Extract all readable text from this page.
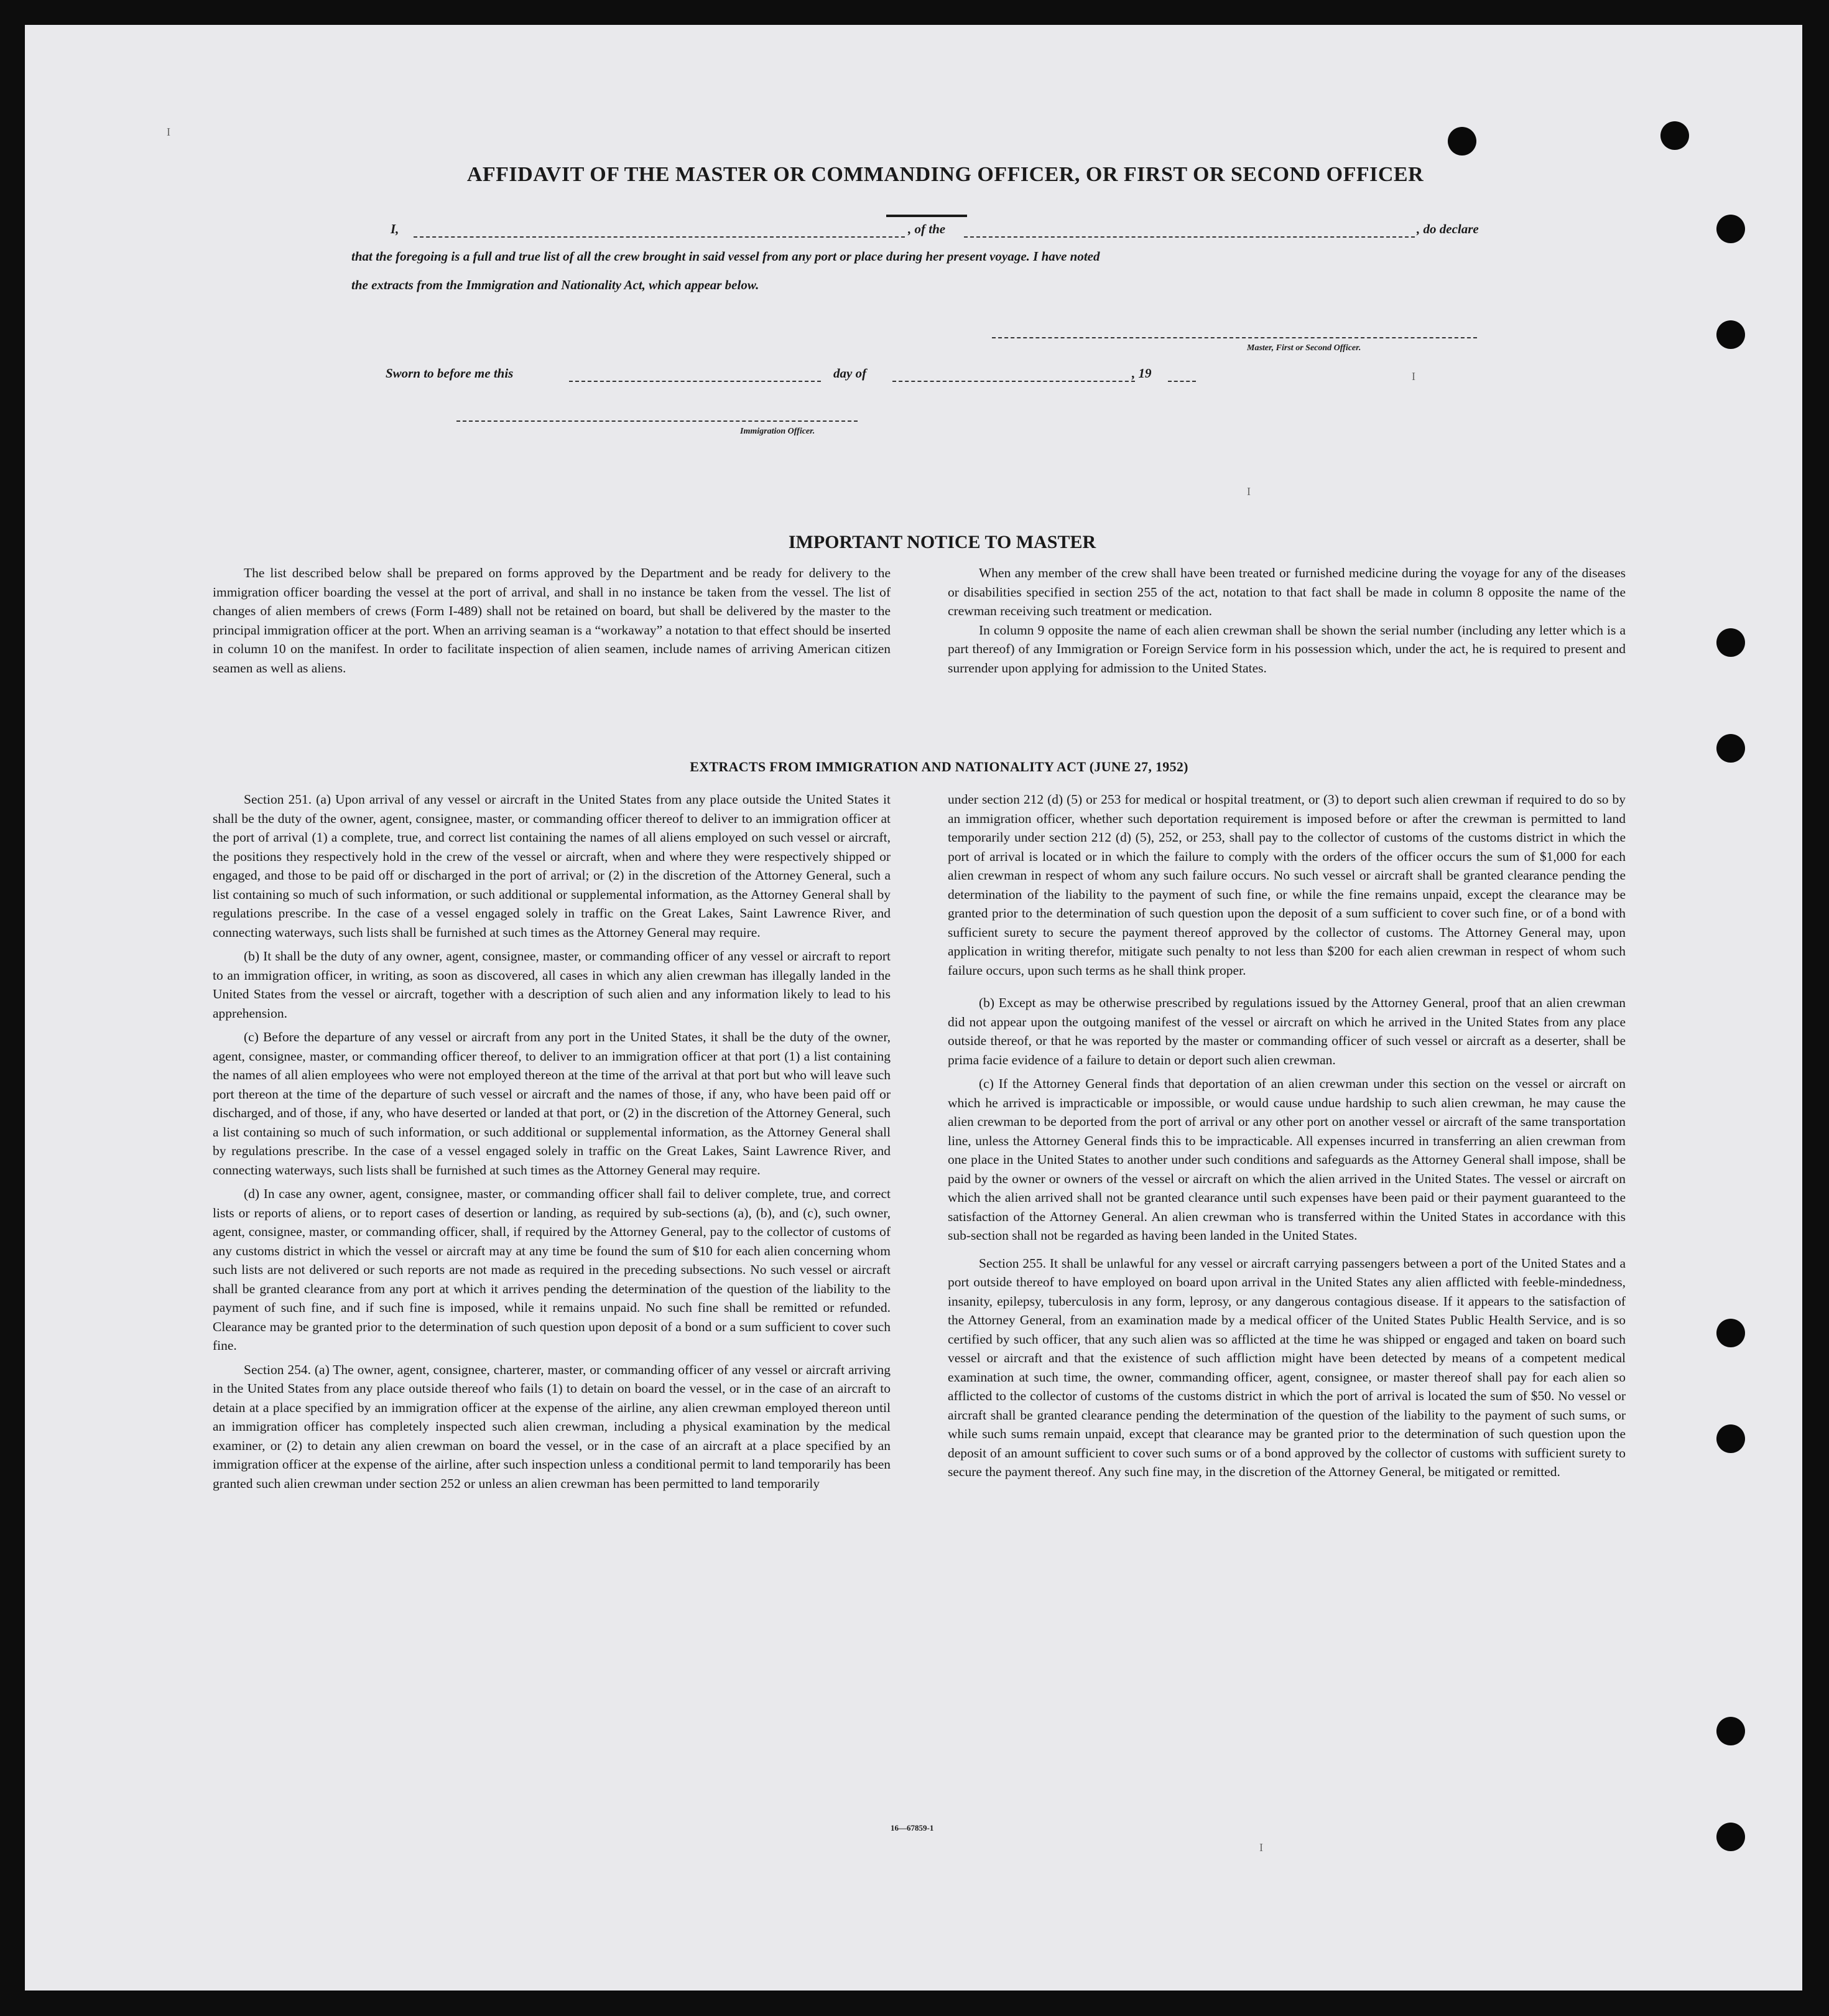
AFFIDAVIT OF THE MASTER OR COMMANDING OFFICER, OR FIRST OR SECOND OFFICER
I,	, of the	, do declare
that the foregoing is a full and true list of all the crew brought in said vessel from any port or place during her present voyage. I have noted
the extracts from the Immigration and Nationality Act, which appear below.
Master, First or Second Officer.
Sworn to before me this	day of	, 19
Immigration Officer.
IMPORTANT NOTICE TO MASTER

The list described below shall be prepared on forms approved by the Department and be ready for delivery to the immigration officer boarding the vessel at the port of arrival, and shall in no instance be taken from the vessel. The list of changes of alien members of crews (Form I-489) shall not be retained on board, but shall be delivered by the master to the principal immigration officer at the port. When an arriving seaman is a “workaway” a notation to that effect should be inserted in column 10 on the manifest. In order to facilitate inspection of alien seamen, include names of arriving American citizen seamen as well as aliens.

When any member of the crew shall have been treated or furnished medicine during the voyage for any of the diseases or disabilities specified in section 255 of the act, notation to that fact shall be made in column 8 opposite the name of the crewman receiving such treatment or medication.

In column 9 opposite the name of each alien crewman shall be shown the serial number (including any letter which is a part thereof) of any Immigration or Foreign Service form in his possession which, under the act, he is required to present and surrender upon applying for admission to the United States.

EXTRACTS FROM IMMIGRATION AND NATIONALITY ACT (JUNE 27, 1952)

Section 251. (a) Upon arrival of any vessel or aircraft in the United States from any place outside the United States it shall be the duty of the owner, agent, consignee, master, or commanding officer thereof to deliver to an immigration officer at the port of arrival (1) a complete, true, and correct list containing the names of all aliens employed on such vessel or aircraft, the positions they respectively hold in the crew of the vessel or aircraft, when and where they were respectively shipped or engaged, and those to be paid off or discharged in the port of arrival; or (2) in the discretion of the Attorney General, such a list containing so much of such information, or such additional or supplemental information, as the Attorney General shall by regulations prescribe. In the case of a vessel engaged solely in traffic on the Great Lakes, Saint Lawrence River, and connecting waterways, such lists shall be furnished at such times as the Attorney General may require.

(b) It shall be the duty of any owner, agent, consignee, master, or commanding officer of any vessel or aircraft to report to an immigration officer, in writing, as soon as discovered, all cases in which any alien crewman has illegally landed in the United States from the vessel or aircraft, together with a description of such alien and any information likely to lead to his apprehension.

(c) Before the departure of any vessel or aircraft from any port in the United States, it shall be the duty of the owner, agent, consignee, master, or commanding officer thereof, to deliver to an immigration officer at that port (1) a list containing the names of all alien employees who were not employed thereon at the time of the arrival at that port but who will leave such port thereon at the time of the departure of such vessel or aircraft and the names of those, if any, who have been paid off or discharged, and of those, if any, who have deserted or landed at that port, or (2) in the discretion of the Attorney General, such a list containing so much of such information, or such additional or supplemental information, as the Attorney General shall by regulations prescribe. In the case of a vessel engaged solely in traffic on the Great Lakes, Saint Lawrence River, and connecting waterways, such lists shall be furnished at such times as the Attorney General may require.

(d) In case any owner, agent, consignee, master, or commanding officer shall fail to deliver complete, true, and correct lists or reports of aliens, or to report cases of desertion or landing, as required by sub-sections (a), (b), and (c), such owner, agent, consignee, master, or commanding officer, shall, if required by the Attorney General, pay to the collector of customs of any customs district in which the vessel or aircraft may at any time be found the sum of $10 for each alien concerning whom such lists are not delivered or such reports are not made as required in the preceding subsections. No such vessel or aircraft shall be granted clearance from any port at which it arrives pending the determination of the question of the liability to the payment of such fine, and if such fine is imposed, while it remains unpaid. No such fine shall be remitted or refunded. Clearance may be granted prior to the determination of such question upon deposit of a bond or a sum sufficient to cover such fine.

Section 254. (a) The owner, agent, consignee, charterer, master, or commanding officer of any vessel or aircraft arriving in the United States from any place outside thereof who fails (1) to detain on board the vessel, or in the case of an aircraft to detain at a place specified by an immigration officer at the expense of the airline, any alien crewman employed thereon until an immigration officer has completely inspected such alien crewman, including a physical examination by the medical examiner, or (2) to detain any alien crewman on board the vessel, or in the case of an aircraft at a place specified by an immigration officer at the expense of the airline, after such inspection unless a conditional permit to land temporarily has been granted such alien crewman under section 252 or unless an alien crewman has been permitted to land temporarily

under section 212 (d) (5) or 253 for medical or hospital treatment, or (3) to deport such alien crewman if required to do so by an immigration officer, whether such deportation requirement is imposed before or after the crewman is permitted to land temporarily under section 212 (d) (5), 252, or 253, shall pay to the collector of customs of the customs district in which the port of arrival is located or in which the failure to comply with the orders of the officer occurs the sum of $1,000 for each alien crewman in respect of whom any such failure occurs. No such vessel or aircraft shall be granted clearance pending the determination of the liability to the payment of such fine, or while the fine remains unpaid, except the clearance may be granted prior to the determination of such question upon the deposit of a sum sufficient to cover such fine, or of a bond with sufficient surety to secure the payment thereof approved by the collector of customs. The Attorney General may, upon application in writing therefor, mitigate such penalty to not less than $200 for each alien crewman in respect of whom such failure occurs, upon such terms as he shall think proper.

(b) Except as may be otherwise prescribed by regulations issued by the Attorney General, proof that an alien crewman did not appear upon the outgoing manifest of the vessel or aircraft on which he arrived in the United States from any place outside thereof, or that he was reported by the master or commanding officer of such vessel or aircraft as a deserter, shall be prima facie evidence of a failure to detain or deport such alien crewman.

(c) If the Attorney General finds that deportation of an alien crewman under this section on the vessel or aircraft on which he arrived is impracticable or impossible, or would cause undue hardship to such alien crewman, he may cause the alien crewman to be deported from the port of arrival or any other port on another vessel or aircraft of the same transportation line, unless the Attorney General finds this to be impracticable. All expenses incurred in transferring an alien crewman from one place in the United States to another under such conditions and safeguards as the Attorney General shall impose, shall be paid by the owner or owners of the vessel or aircraft on which the alien arrived in the United States. The vessel or aircraft on which the alien arrived shall not be granted clearance until such expenses have been paid or their payment guaranteed to the satisfaction of the Attorney General. An alien crewman who is transferred within the United States in accordance with this sub-section shall not be regarded as having been landed in the United States.

Section 255. It shall be unlawful for any vessel or aircraft carrying passengers between a port of the United States and a port outside thereof to have employed on board upon arrival in the United States any alien afflicted with feeble-mindedness, insanity, epilepsy, tuberculosis in any form, leprosy, or any dangerous contagious disease. If it appears to the satisfaction of the Attorney General, from an examination made by a medical officer of the United States Public Health Service, and is so certified by such officer, that any such alien was so afflicted at the time he was shipped or engaged and taken on board such vessel or aircraft and that the existence of such affliction might have been detected by means of a competent medical examination at such time, the owner, commanding officer, agent, consignee, or master thereof shall pay for each alien so afflicted to the collector of customs of the customs district in which the port of arrival is located the sum of $50. No vessel or aircraft shall be granted clearance pending the determination of the question of the liability to the payment of such sums, or while such sums remain unpaid, except that clearance may be granted prior to the determination of such question upon the deposit of an amount sufficient to cover such sums or of a bond approved by the collector of customs with sufficient surety to secure the payment thereof. Any such fine may, in the discretion of the Attorney General, be mitigated or remitted.

16—67859-1
I
I
I
I
